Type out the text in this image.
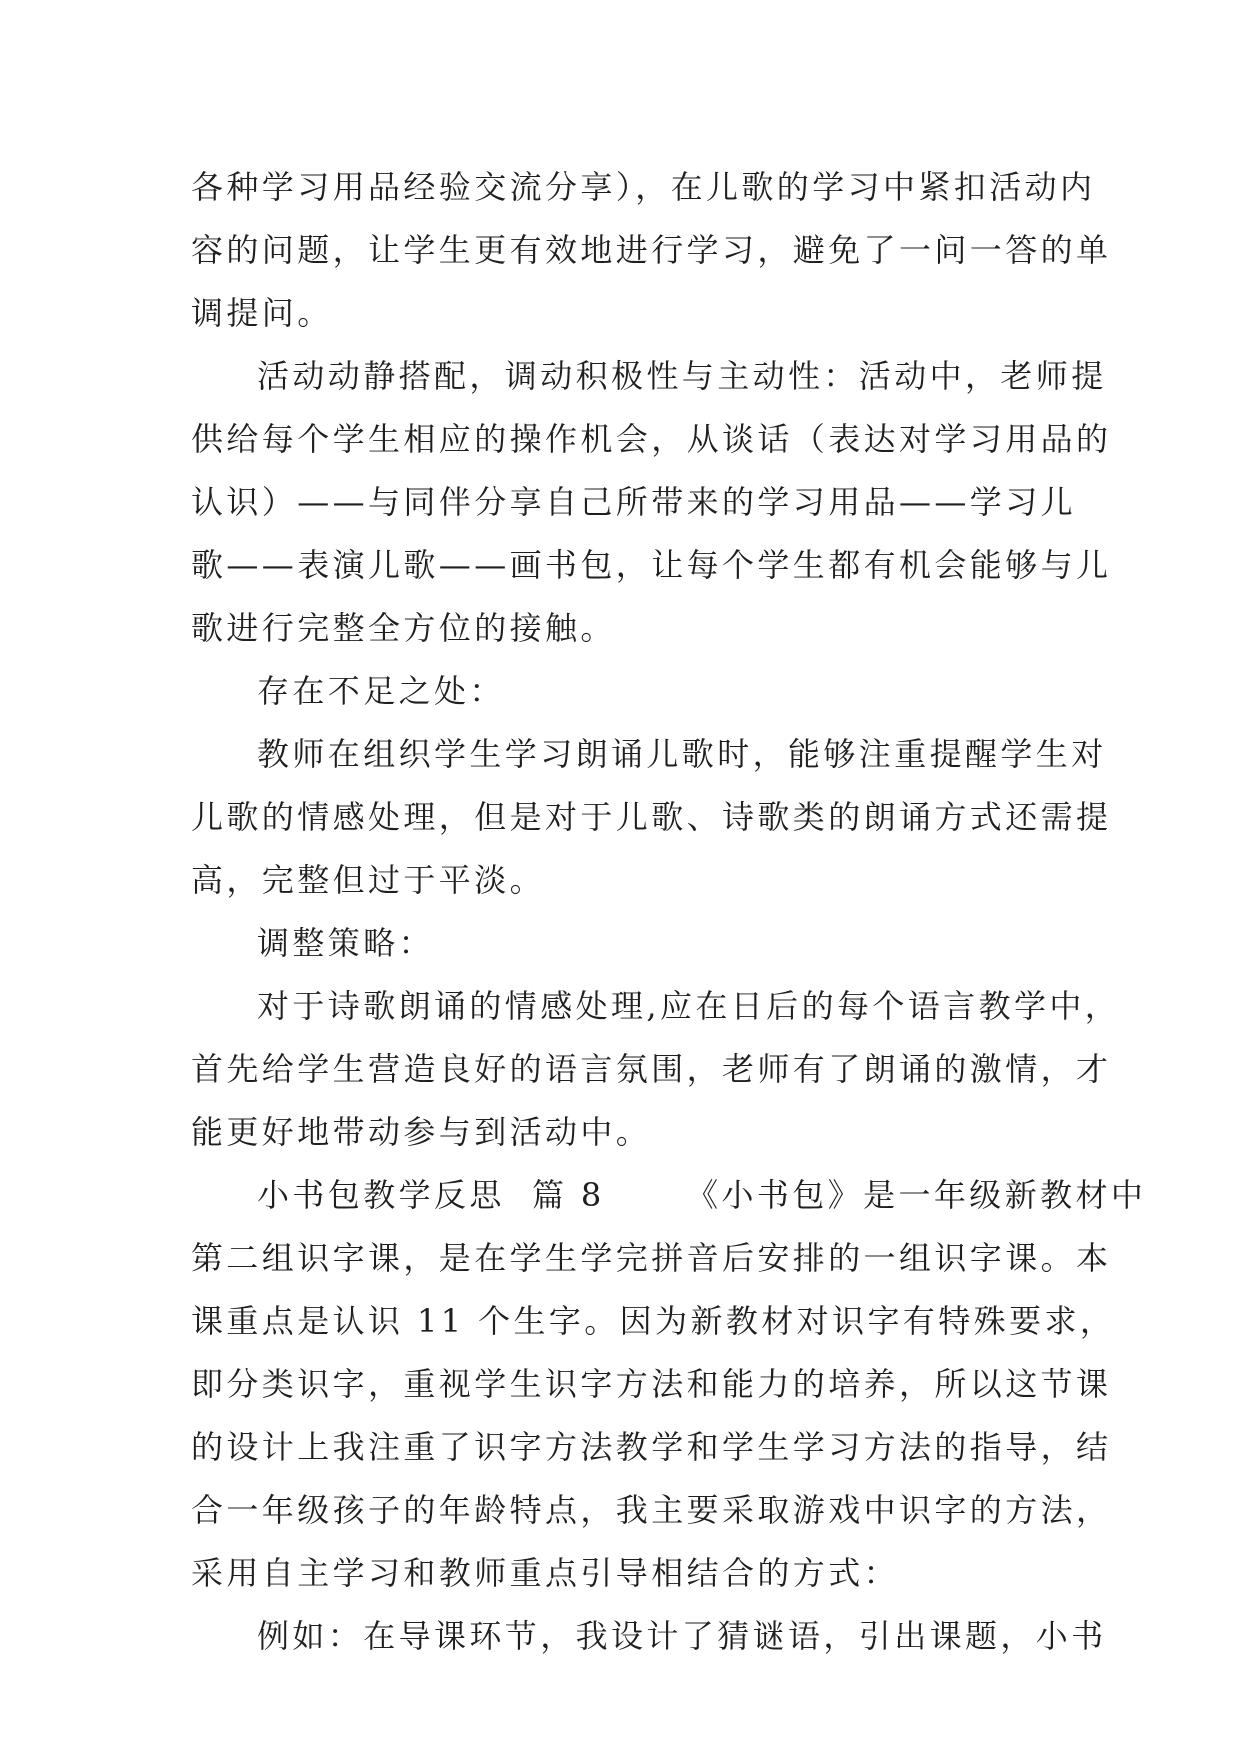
各种学习用品经验交流分享），在儿歌的学习中紧扣活动内
容的问题，让学生更有效地进行学习，避免了一问一答的单
调提问。
活动动静搭配，调动积极性与主动性：活动中，老师提
供给每个学生相应的操作机会，从谈话（表达对学习用品的
认识）——与同伴分享自己所带来的学习用品——学习儿
歌——表演儿歌——画书包，让每个学生都有机会能够与儿
歌进行完整全方位的接触。
存在不足之处：
教师在组织学生学习朗诵儿歌时，能够注重提醒学生对
儿歌的情感处理，但是对于儿歌、诗歌类的朗诵方式还需提
高，完整但过于平淡。
调整策略：
对于诗歌朗诵的情感处理,应在日后的每个语言教学中，
首先给学生营造良好的语言氛围，老师有了朗诵的激情，才
能更好地带动参与到活动中。
小书包教学反思  篇 8      《小书包》是一年级新教材中
第二组识字课，是在学生学完拼音后安排的一组识字课。本
课重点是认识 11 个生字。因为新教材对识字有特殊要求，
即分类识字，重视学生识字方法和能力的培养，所以这节课
的设计上我注重了识字方法教学和学生学习方法的指导，结
合一年级孩子的年龄特点，我主要采取游戏中识字的方法，
采用自主学习和教师重点引导相结合的方式：
例如：在导课环节，我设计了猜谜语，引出课题，小书
